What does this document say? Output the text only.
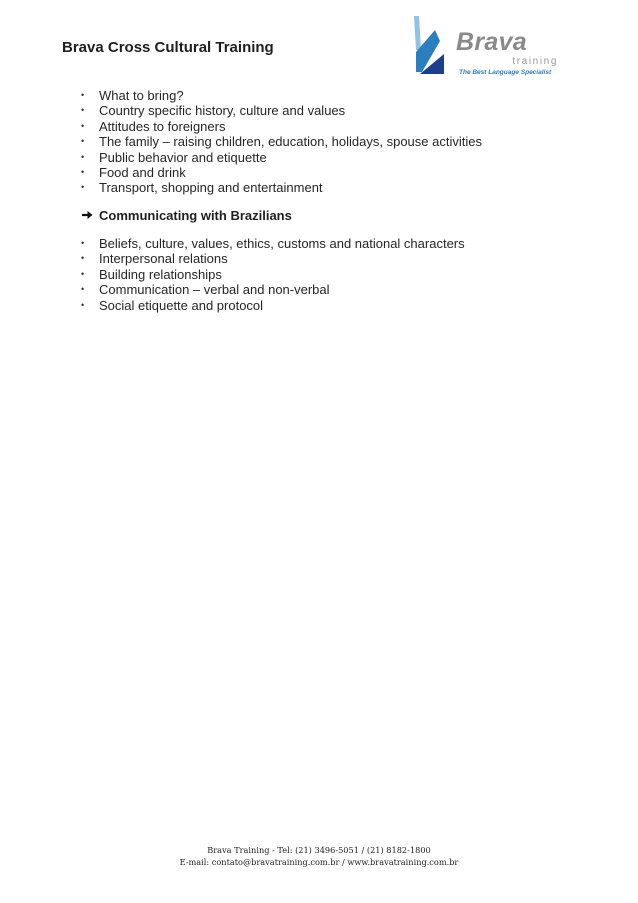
Brava Cross Cultural Training	Brava
training
The Best Language Specialist
• What to bring?
• Country specific history, culture and values
• Attitudes to foreigners
• The family – raising children, education, holidays, spouse activities
• Public behavior and etiquette
• Food and drink
• Transport, shopping and entertainment
Communicating with Brazilians
• Beliefs, culture, values, ethics, customs and national characters
• Interpersonal relations
• Building relationships
• Communication – verbal and non-verbal
• Social etiquette and protocol
Brava Training - Tel: (21) 3496-5051 / (21) 8182-1800
E-mail: contato@bravatraining.com.br / www.bravatraining.com.br
